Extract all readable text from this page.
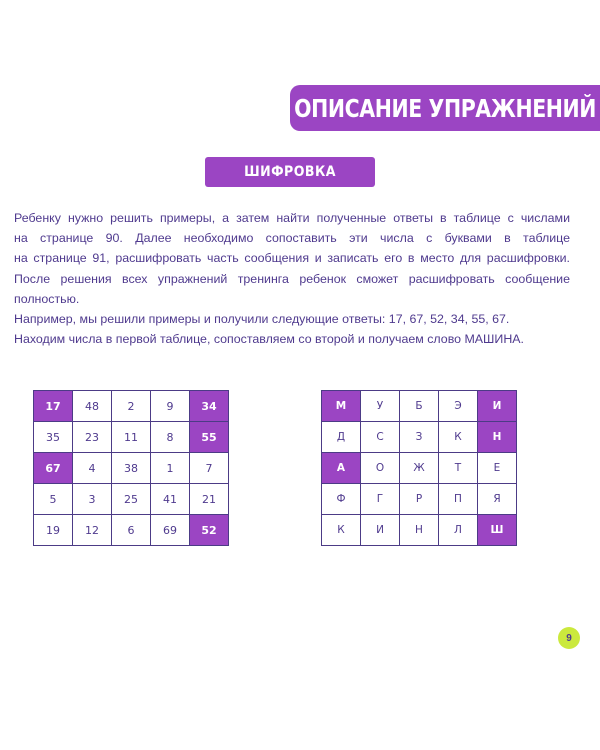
ОПИСАНИЕ УПРАЖНЕНИЙ
ШИФРОВКА

Ребенку нужно решить примеры, а затем найти полученные ответы в таблице с числами

на странице 90. Далее необходимо сопоставить эти числа с буквами в таблице

на странице 91, расшифровать часть сообщения и записать его в место для расшифровки.

После решения всех упражнений тренинга ребенок сможет расшифровать сообщение

полностью.

Например, мы решили примеры и получили следующие ответы: 17, 67, 52, 34, 55, 67.

Находим числа в первой таблице, сопоставляем со второй и получаем слово МАШИНА.

17	48	2	9	34
35	23	11	8	55
67	4	38	1	7
5	3	25	41	21
19	12	6	69	52
М	У	Б	Э	И
Д	С	З	К	Н
А	О	Ж	Т	Е
Ф	Г	Р	П	Я
К	И	Н	Л	Ш
9
